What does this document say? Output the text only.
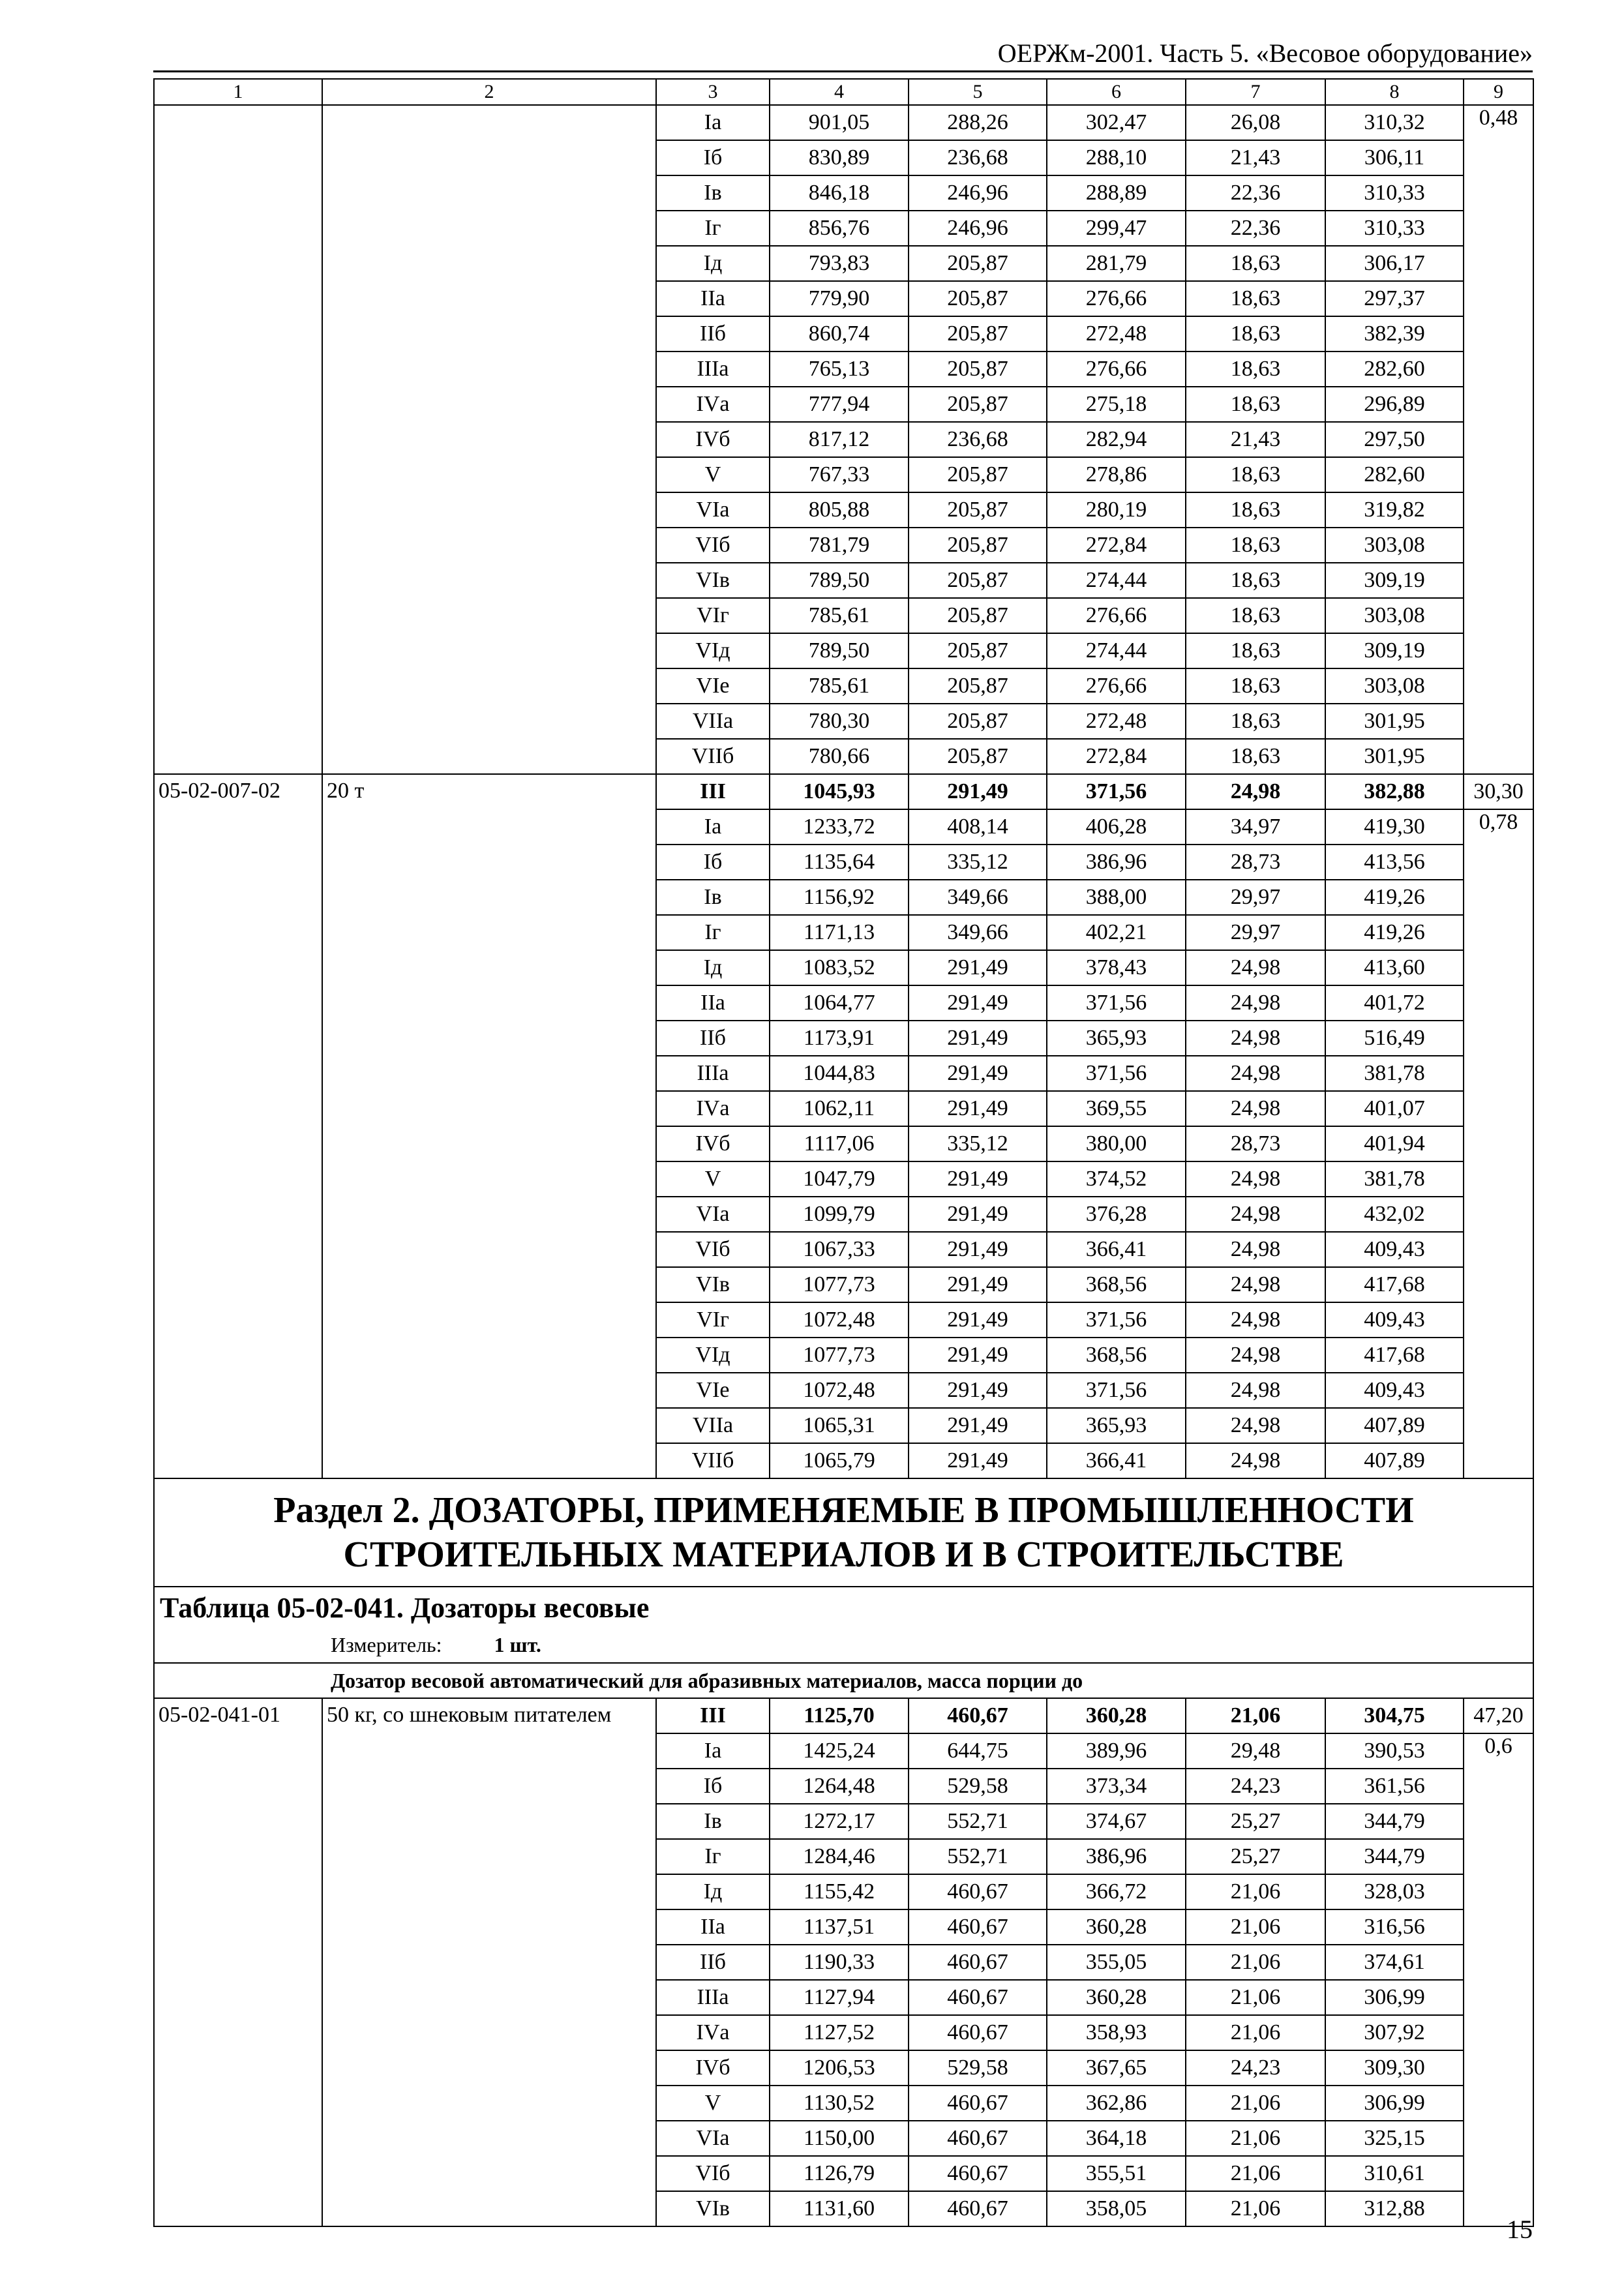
ОЕРЖм-2001. Часть 5. «Весовое оборудование»
1	2	3	4	5	6	7	8	9
		Iа	901,05	288,26	302,47	26,08	310,32	0,48
		Iб	830,89	236,68	288,10	21,43	306,11	
		Iв	846,18	246,96	288,89	22,36	310,33	
		Iг	856,76	246,96	299,47	22,36	310,33	
		Iд	793,83	205,87	281,79	18,63	306,17	
		IIа	779,90	205,87	276,66	18,63	297,37	
		IIб	860,74	205,87	272,48	18,63	382,39	
		IIIа	765,13	205,87	276,66	18,63	282,60	
		IVа	777,94	205,87	275,18	18,63	296,89	
		IVб	817,12	236,68	282,94	21,43	297,50	
		V	767,33	205,87	278,86	18,63	282,60	
		VIа	805,88	205,87	280,19	18,63	319,82	
		VIб	781,79	205,87	272,84	18,63	303,08	
		VIв	789,50	205,87	274,44	18,63	309,19	
		VIг	785,61	205,87	276,66	18,63	303,08	
		VIд	789,50	205,87	274,44	18,63	309,19	
		VIе	785,61	205,87	276,66	18,63	303,08	
		VIIа	780,30	205,87	272,48	18,63	301,95	
		VIIб	780,66	205,87	272,84	18,63	301,95	
05-02-007-02	20 т	III	1045,93	291,49	371,56	24,98	382,88	30,30
		Iа	1233,72	408,14	406,28	34,97	419,30	0,78
		Iб	1135,64	335,12	386,96	28,73	413,56	
		Iв	1156,92	349,66	388,00	29,97	419,26	
		Iг	1171,13	349,66	402,21	29,97	419,26	
		Iд	1083,52	291,49	378,43	24,98	413,60	
		IIа	1064,77	291,49	371,56	24,98	401,72	
		IIб	1173,91	291,49	365,93	24,98	516,49	
		IIIа	1044,83	291,49	371,56	24,98	381,78	
		IVа	1062,11	291,49	369,55	24,98	401,07	
		IVб	1117,06	335,12	380,00	28,73	401,94	
		V	1047,79	291,49	374,52	24,98	381,78	
		VIа	1099,79	291,49	376,28	24,98	432,02	
		VIб	1067,33	291,49	366,41	24,98	409,43	
		VIв	1077,73	291,49	368,56	24,98	417,68	
		VIг	1072,48	291,49	371,56	24,98	409,43	
		VIд	1077,73	291,49	368,56	24,98	417,68	
		VIе	1072,48	291,49	371,56	24,98	409,43	
		VIIа	1065,31	291,49	365,93	24,98	407,89	
		VIIб	1065,79	291,49	366,41	24,98	407,89	

Раздел 2. ДОЗАТОРЫ, ПРИМЕНЯЕМЫЕ В ПРОМЫШЛЕННОСТИ
СТРОИТЕЛЬНЫХ МАТЕРИАЛОВ И В СТРОИТЕЛЬСТВЕ								

Таблица 05-02-041. Дозаторы весовые								
Измеритель: 1 шт.								
Дозатор весовой автоматический для абразивных материалов, масса порции до								
05-02-041-01	50 кг, со шнековым питателем	III	1125,70	460,67	360,28	21,06	304,75	47,20
		Iа	1425,24	644,75	389,96	29,48	390,53	0,6
		Iб	1264,48	529,58	373,34	24,23	361,56	
		Iв	1272,17	552,71	374,67	25,27	344,79	
		Iг	1284,46	552,71	386,96	25,27	344,79	
		Iд	1155,42	460,67	366,72	21,06	328,03	
		IIа	1137,51	460,67	360,28	21,06	316,56	
		IIб	1190,33	460,67	355,05	21,06	374,61	
		IIIа	1127,94	460,67	360,28	21,06	306,99	
		IVа	1127,52	460,67	358,93	21,06	307,92	
		IVб	1206,53	529,58	367,65	24,23	309,30	
		V	1130,52	460,67	362,86	21,06	306,99	
		VIа	1150,00	460,67	364,18	21,06	325,15	
		VIб	1126,79	460,67	355,51	21,06	310,61	
		VIв	1131,60	460,67	358,05	21,06	312,88	
15
